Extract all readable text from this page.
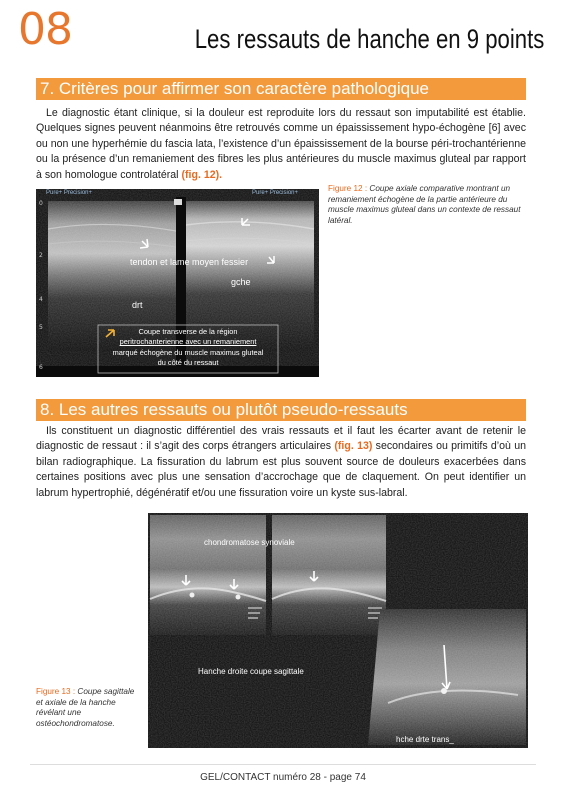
08	Les ressauts de hanche en 9 points
7. Critères pour affirmer son caractère pathologique
Le diagnostic étant clinique, si la douleur est reproduite lors du ressaut son imputabilité est établie. Quelques signes peuvent néanmoins être retrouvés comme un épaississement hypo-échogène [6] avec ou non une hyperhémie du fascia lata, l’existence d’un épaississement de la bourse péri-trochantérienne ou la présence d’un remaniement des fibres les plus antérieures du muscle maximus gluteal par rapport à son homologue controlatéral (fig. 12).
0
2
4
5
6
Pure+ Precision+	Pure+ Precision+
tendon et lame moyen fessier
gche
drt
Coupe transverse de la région
peritrochanterienne avec un remaniement
marqué échogène du muscle maximus gluteal
du côté du ressaut
Figure 12 : Coupe axiale comparative montrant un remaniement échogène de la partie antérieure du muscle maximus gluteal dans un contexte de ressaut latéral.
8. Les autres ressauts ou plutôt pseudo-ressauts
Ils constituent un diagnostic différentiel des vrais ressauts et il faut les écarter avant de retenir le diagnostic de ressaut : il s’agit des corps étrangers articulaires (fig. 13) secondaires ou primitifs d’où un bilan radiographique. La fissuration du labrum est plus souvent source de douleurs exacerbées dans certaines positions avec plus une sensation d’accrochage que de claquement. On peut identifier un labrum hypertrophié, dégénératif et/ou une fissuration voire un kyste sus-labral.
chondromatose synoviale
Hanche droite coupe sagittale
hche drte trans_
Figure 13 : Coupe sagittale et axiale de la hanche révélant une ostéochondromatose.
GEL/CONTACT numéro 28 - page 74
